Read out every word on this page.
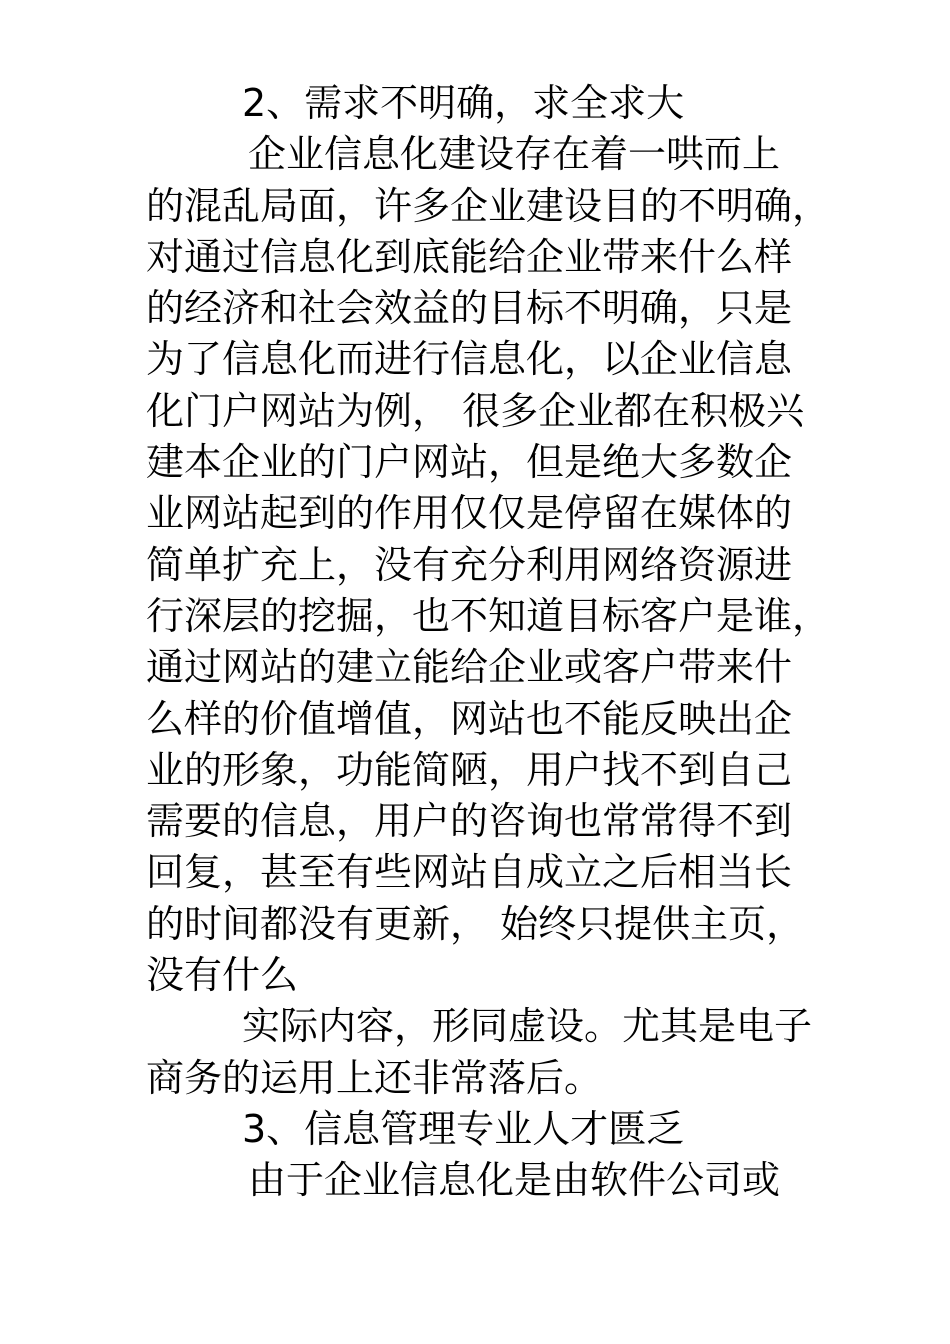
2、需求不明确，求全求大
企业信息化建设存在着一哄而上
的混乱局面，许多企业建设目的不明确，
对通过信息化到底能给企业带来什么样
的经济和社会效益的目标不明确，只是
为了信息化而进行信息化，以企业信息
化门户网站为例， 很多企业都在积极兴
建本企业的门户网站，但是绝大多数企
业网站起到的作用仅仅是停留在媒体的
简单扩充上，没有充分利用网络资源进
行深层的挖掘，也不知道目标客户是谁，
通过网站的建立能给企业或客户带来什
么样的价值增值，网站也不能反映出企
业的形象，功能简陋，用户找不到自己
需要的信息，用户的咨询也常常得不到
回复，甚至有些网站自成立之后相当长
的时间都没有更新， 始终只提供主页，
没有什么
实际内容，形同虚设。尤其是电子
商务的运用上还非常落后。
3、信息管理专业人才匮乏
由于企业信息化是由软件公司或
